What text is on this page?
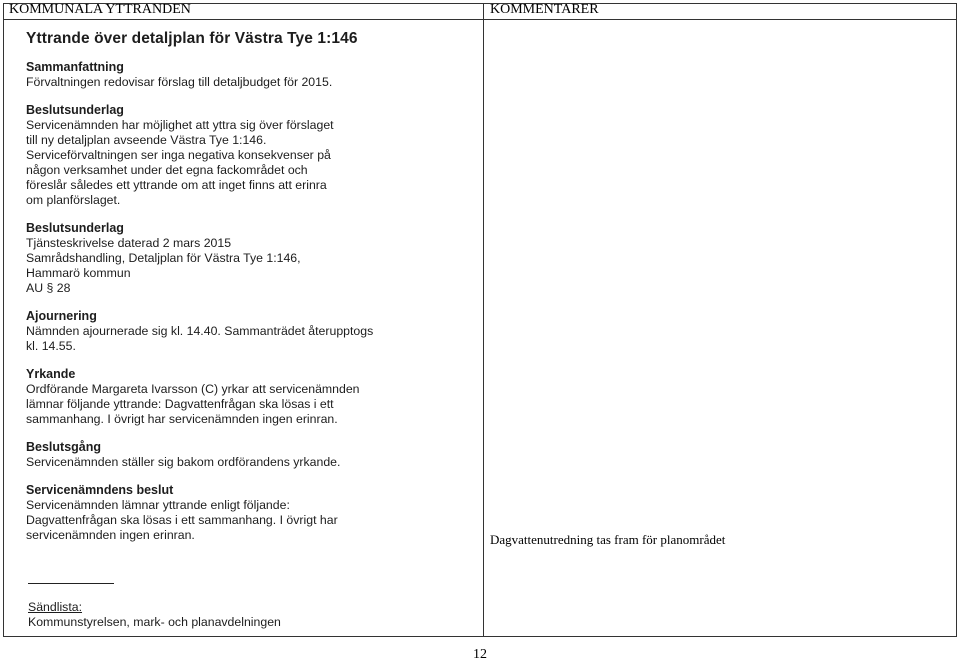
KOMMUNALA YTTRANDEN	KOMMENTARER
Yttrande över detaljplan för Västra Tye 1:146
Sammanfattning
Förvaltningen redovisar förslag till detaljbudget för 2015.
Beslutsunderlag
Servicenämnden har möjlighet att yttra sig över förslaget
till ny detaljplan avseende Västra Tye 1:146.
Serviceförvaltningen ser inga negativa konsekvenser på
någon verksamhet under det egna fackområdet och
föreslår således ett yttrande om att inget finns att erinra
om planförslaget.
Beslutsunderlag
Tjänsteskrivelse daterad 2 mars 2015
Samrådshandling, Detaljplan för Västra Tye 1:146,
Hammarö kommun
AU § 28
Ajournering
Nämnden ajournerade sig kl. 14.40. Sammanträdet återupptogs
kl. 14.55.
Yrkande
Ordförande Margareta Ivarsson (C) yrkar att servicenämnden
lämnar följande yttrande: Dagvattenfrågan ska lösas i ett
sammanhang. I övrigt har servicenämnden ingen erinran.
Beslutsgång
Servicenämnden ställer sig bakom ordförandens yrkande.
Servicenämndens beslut
Servicenämnden lämnar yttrande enligt följande:
Dagvattenfrågan ska lösas i ett sammanhang. I övrigt har
servicenämnden ingen erinran.
Sändlista:
Kommunstyrelsen, mark- och planavdelningen
Dagvattenutredning tas fram för planområdet
12
